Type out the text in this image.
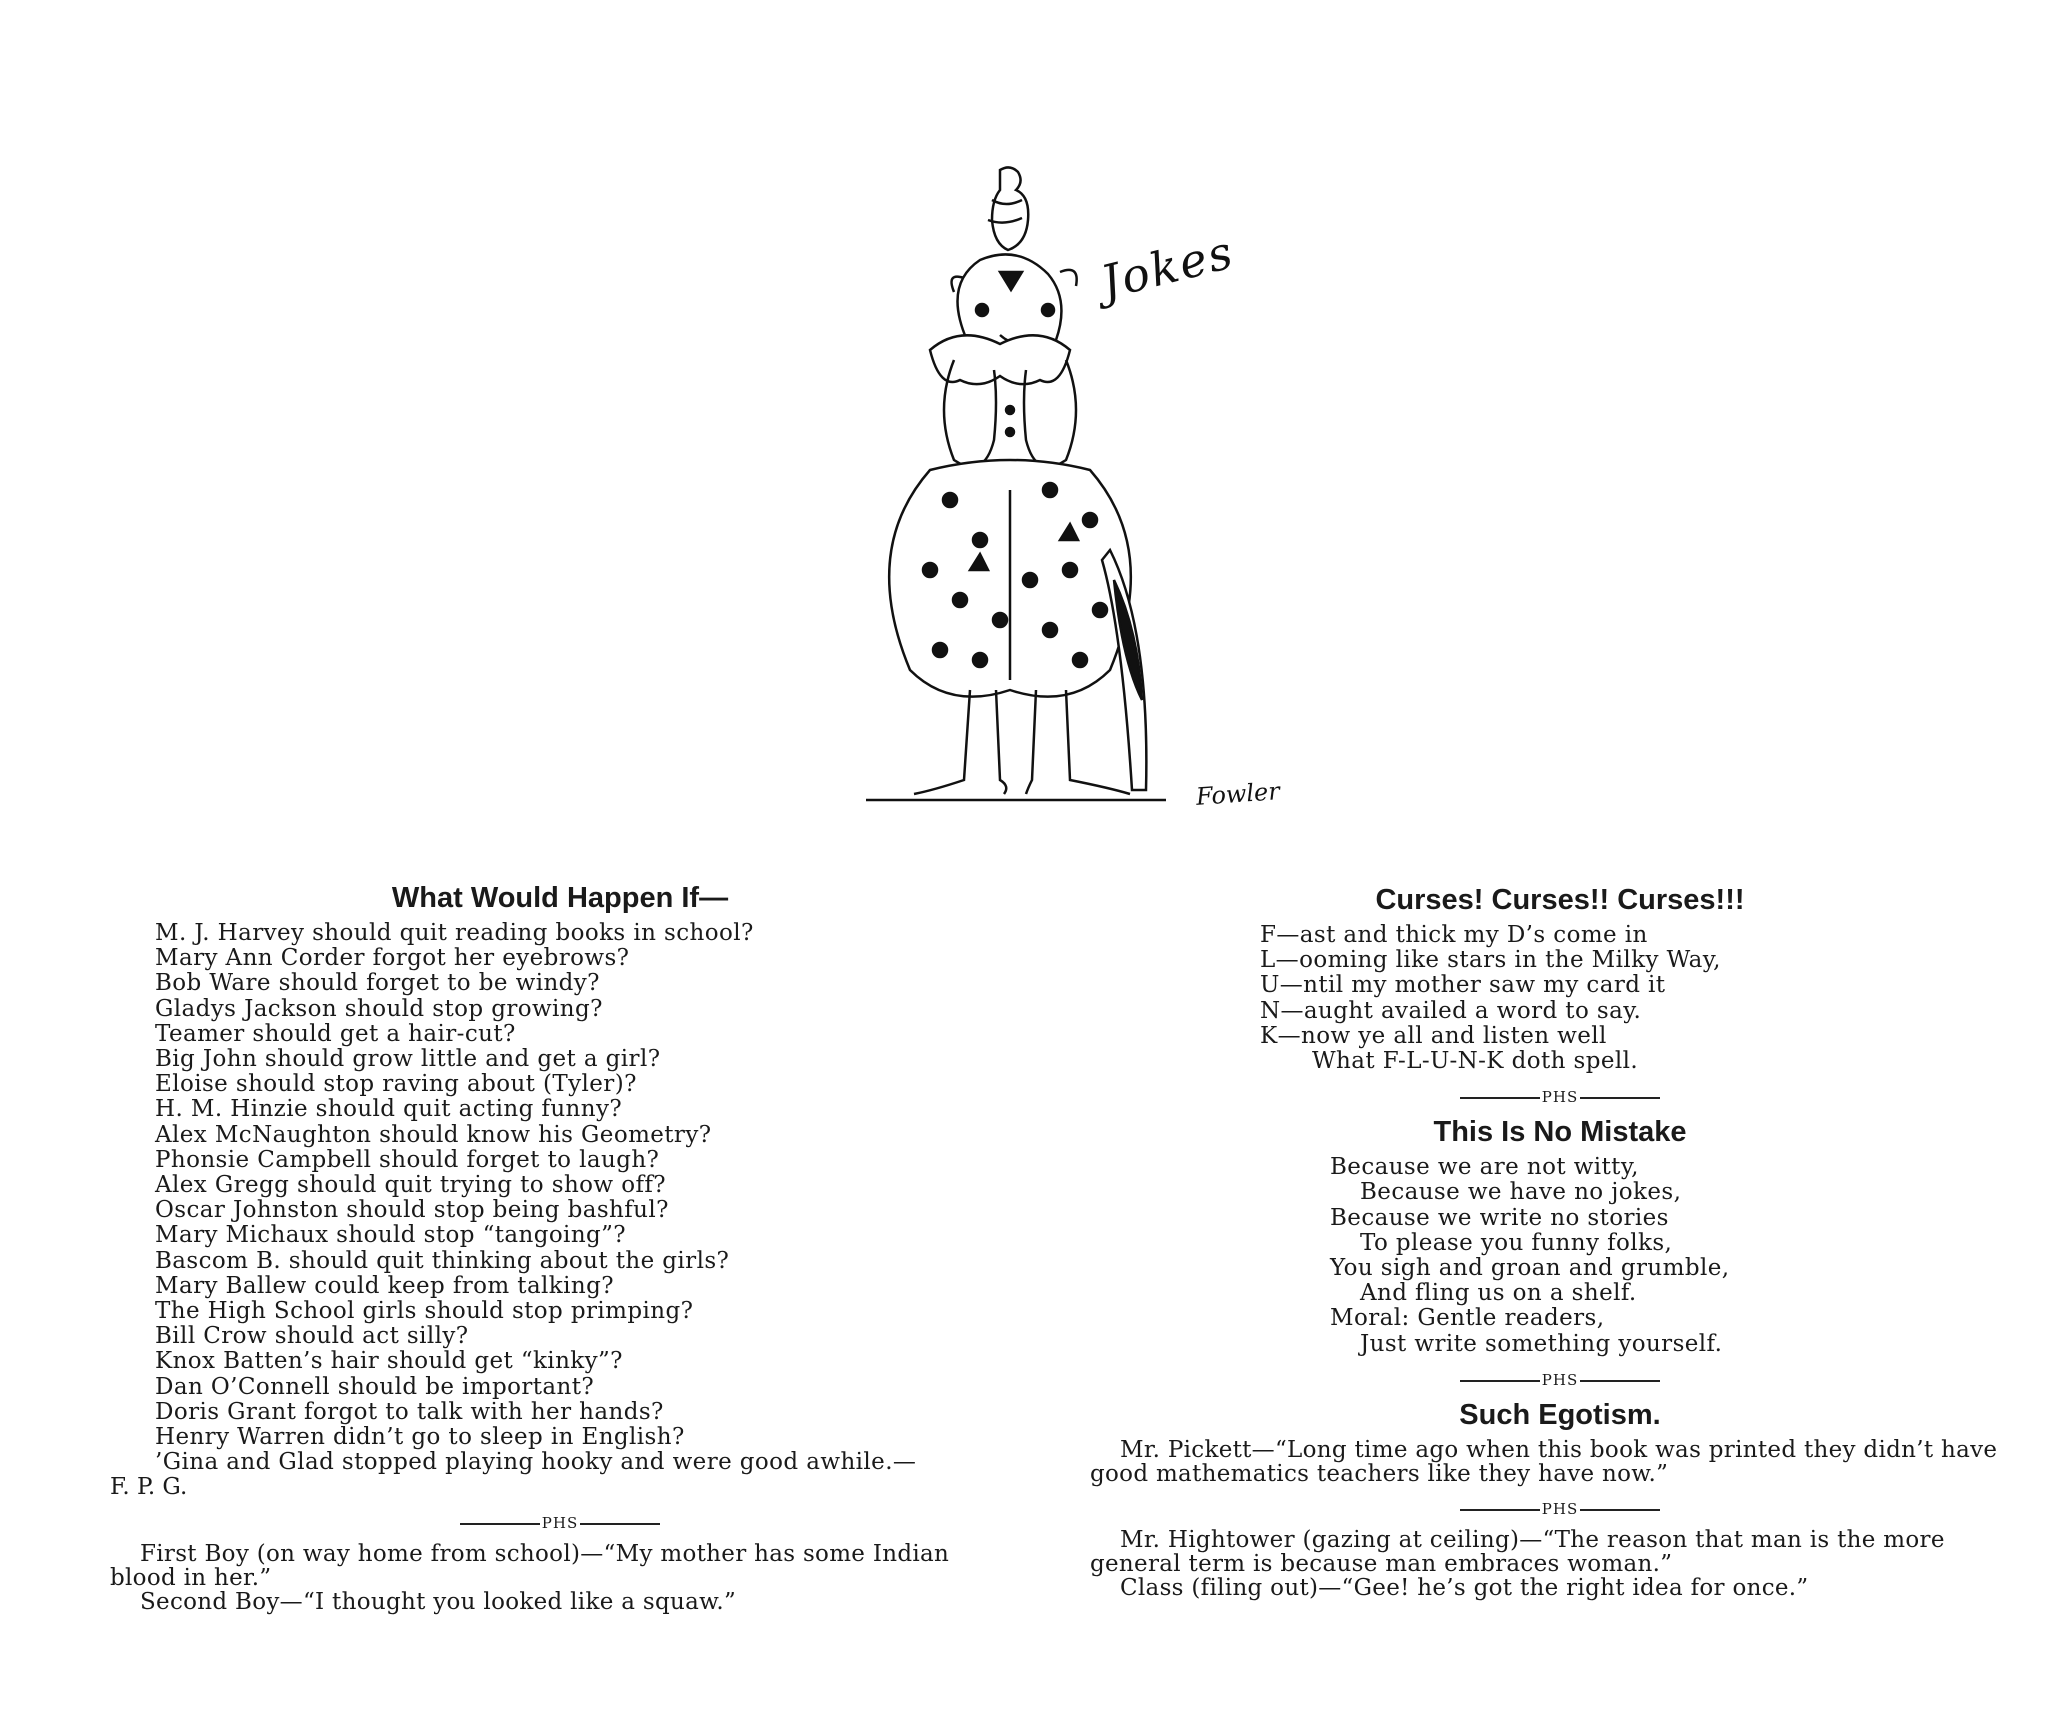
Jokes
Fowler
What Would Happen If—
M. J. Harvey should quit reading books in school?
Mary Ann Corder forgot her eyebrows?
Bob Ware should forget to be windy?
Gladys Jackson should stop growing?
Teamer should get a hair-cut?
Big John should grow little and get a girl?
Eloise should stop raving about (Tyler)?
H. M. Hinzie should quit acting funny?
Alex McNaughton should know his Geometry?
Phonsie Campbell should forget to laugh?
Alex Gregg should quit trying to show off?
Oscar Johnston should stop being bashful?
Mary Michaux should stop “tangoing”?
Bascom B. should quit thinking about the girls?
Mary Ballew could keep from talking?
The High School girls should stop primping?
Bill Crow should act silly?
Knox Batten’s hair should get “kinky”?
Dan O’Connell should be important?
Doris Grant forgot to talk with her hands?
Henry Warren didn’t go to sleep in English?
’Gina and Glad stopped playing hooky and were good awhile.—
F. P. G.
PHS

First Boy (on way home from school)—“My mother has some Indian blood in her.”

Second Boy—“I thought you looked like a squaw.”

Curses! Curses!! Curses!!!
F—ast and thick my D’s come in
L—ooming like stars in the Milky Way,
U—ntil my mother saw my card it
N—aught availed a word to say.
K—now ye all and listen well
What F-L-U-N-K doth spell.
PHS
This Is No Mistake
Because we are not witty,
Because we have no jokes,
Because we write no stories
To please you funny folks,
You sigh and groan and grumble,
And fling us on a shelf.
Moral: Gentle readers,
Just write something yourself.
PHS
Such Egotism.

Mr. Pickett—“Long time ago when this book was printed they didn’t have good mathematics teachers like they have now.”

PHS

Mr. Hightower (gazing at ceiling)—“The reason that man is the more general term is because man embraces woman.”

Class (filing out)—“Gee! he’s got the right idea for once.”
